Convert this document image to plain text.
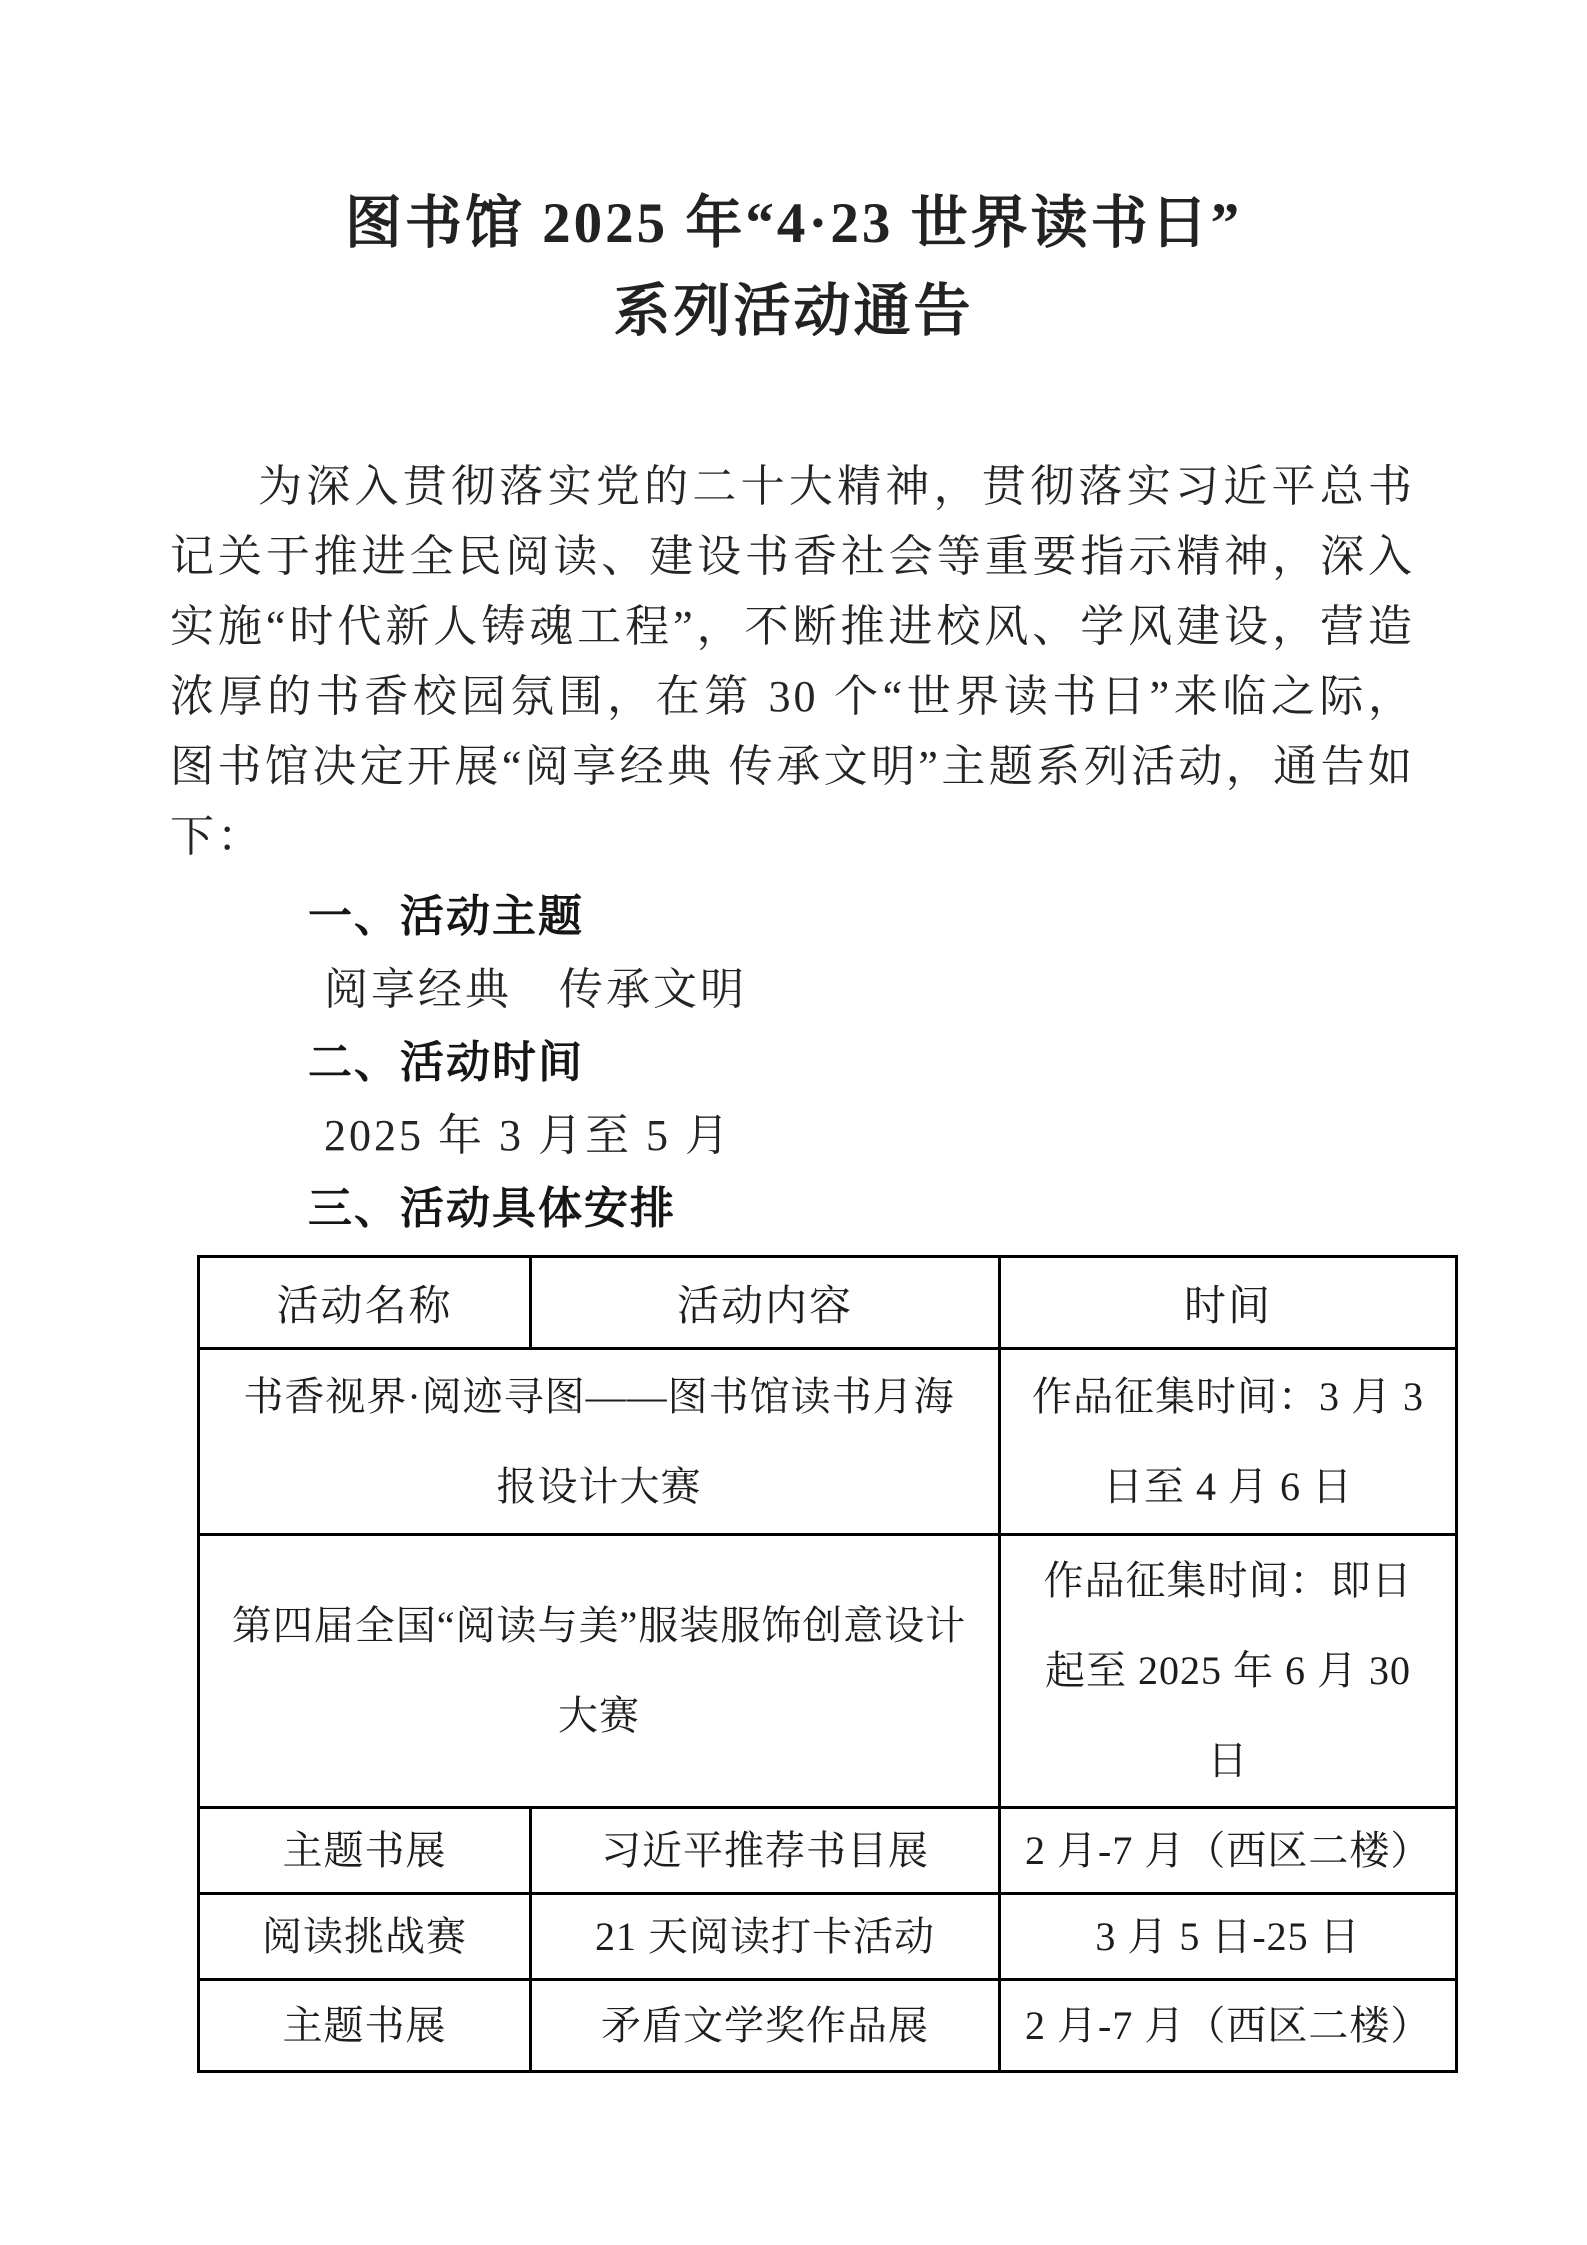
图书馆 2025 年“4·23 世界读书日”
系列活动通告

为深入贯彻落实党的二十大精神，贯彻落实习近平总书记关于推进全民阅读、建设书香社会等重要指示精神，深入实施“时代新人铸魂工程”，不断推进校风、学风建设，营造浓厚的书香校园氛围，在第 30 个“世界读书日”来临之际，图书馆决定开展“阅享经典 传承文明”主题系列活动，通告如下：

一、活动主题

阅享经典　传承文明

二、活动时间

2025 年 3 月至 5 月

三、活动具体安排
活动名称	活动内容	时间
书香视界·阅迹寻图——图书馆读书月海报设计大赛		作品征集时间：3 月 3 日至 4 月 6 日
第四届全国“阅读与美”服装服饰创意设计大赛		作品征集时间：即日起至 2025 年 6 月 30 日
主题书展	习近平推荐书目展	2 月-7 月（西区二楼）
阅读挑战赛	21 天阅读打卡活动	3 月 5 日-25 日
主题书展	矛盾文学奖作品展	2 月-7 月（西区二楼）
